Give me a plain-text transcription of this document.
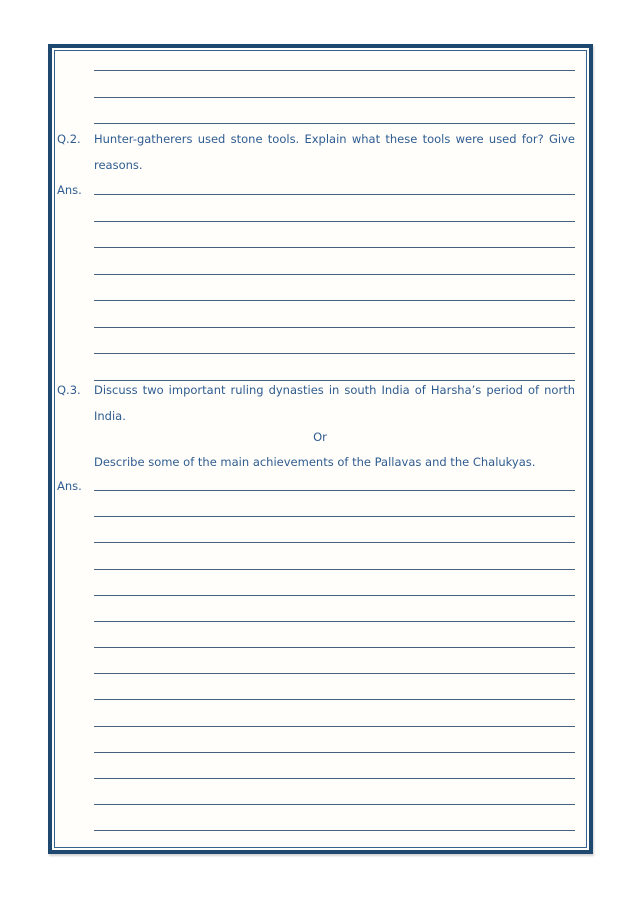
Q.2. Hunter-gatherers used stone tools. Explain what these tools were used for? Give
reasons.
Ans.
Q.3. Discuss two important ruling dynasties in south India of Harsha’s period of north
India.
Or
Describe some of the main achievements of the Pallavas and the Chalukyas.
Ans.
